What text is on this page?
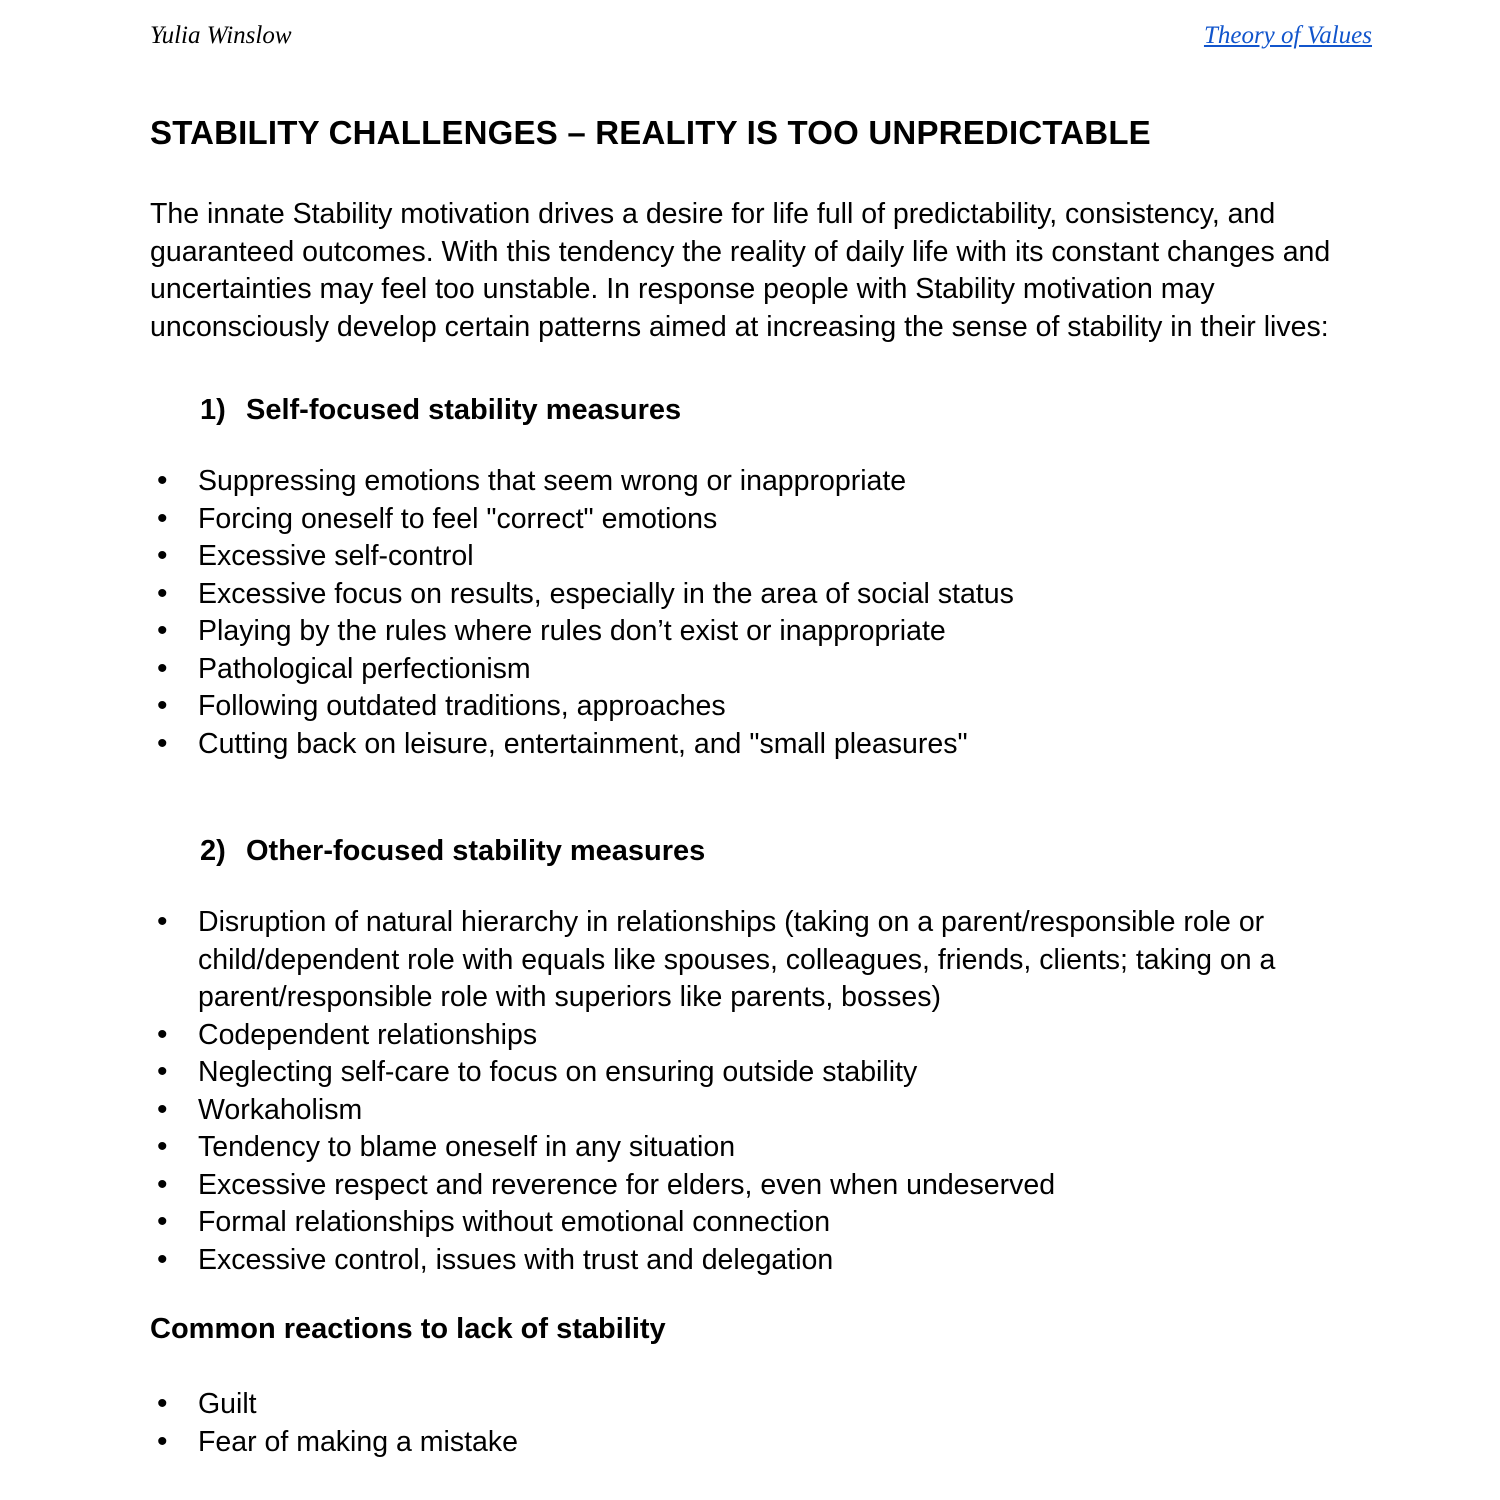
Yulia Winslow	Theory of Values
STABILITY CHALLENGES – REALITY IS TOO UNPREDICTABLE

The innate Stability motivation drives a desire for life full of predictability, consistency, and guaranteed outcomes. With this tendency the reality of daily life with its constant changes and uncertainties may feel too unstable. In response people with Stability motivation may unconsciously develop certain patterns aimed at increasing the sense of stability in their lives:

1) Self-focused stability measures
• Suppressing emotions that seem wrong or inappropriate
• Forcing oneself to feel "correct" emotions
• Excessive self-control
• Excessive focus on results, especially in the area of social status
• Playing by the rules where rules don’t exist or inappropriate
• Pathological perfectionism
• Following outdated traditions, approaches
• Cutting back on leisure, entertainment, and "small pleasures"
2) Other-focused stability measures
• Disruption of natural hierarchy in relationships (taking on a parent/responsible role or child/dependent role with equals like spouses, colleagues, friends, clients; taking on a parent/responsible role with superiors like parents, bosses)
• Codependent relationships
• Neglecting self-care to focus on ensuring outside stability
• Workaholism
• Tendency to blame oneself in any situation
• Excessive respect and reverence for elders, even when undeserved
• Formal relationships without emotional connection
• Excessive control, issues with trust and delegation
Common reactions to lack of stability
• Guilt
• Fear of making a mistake
